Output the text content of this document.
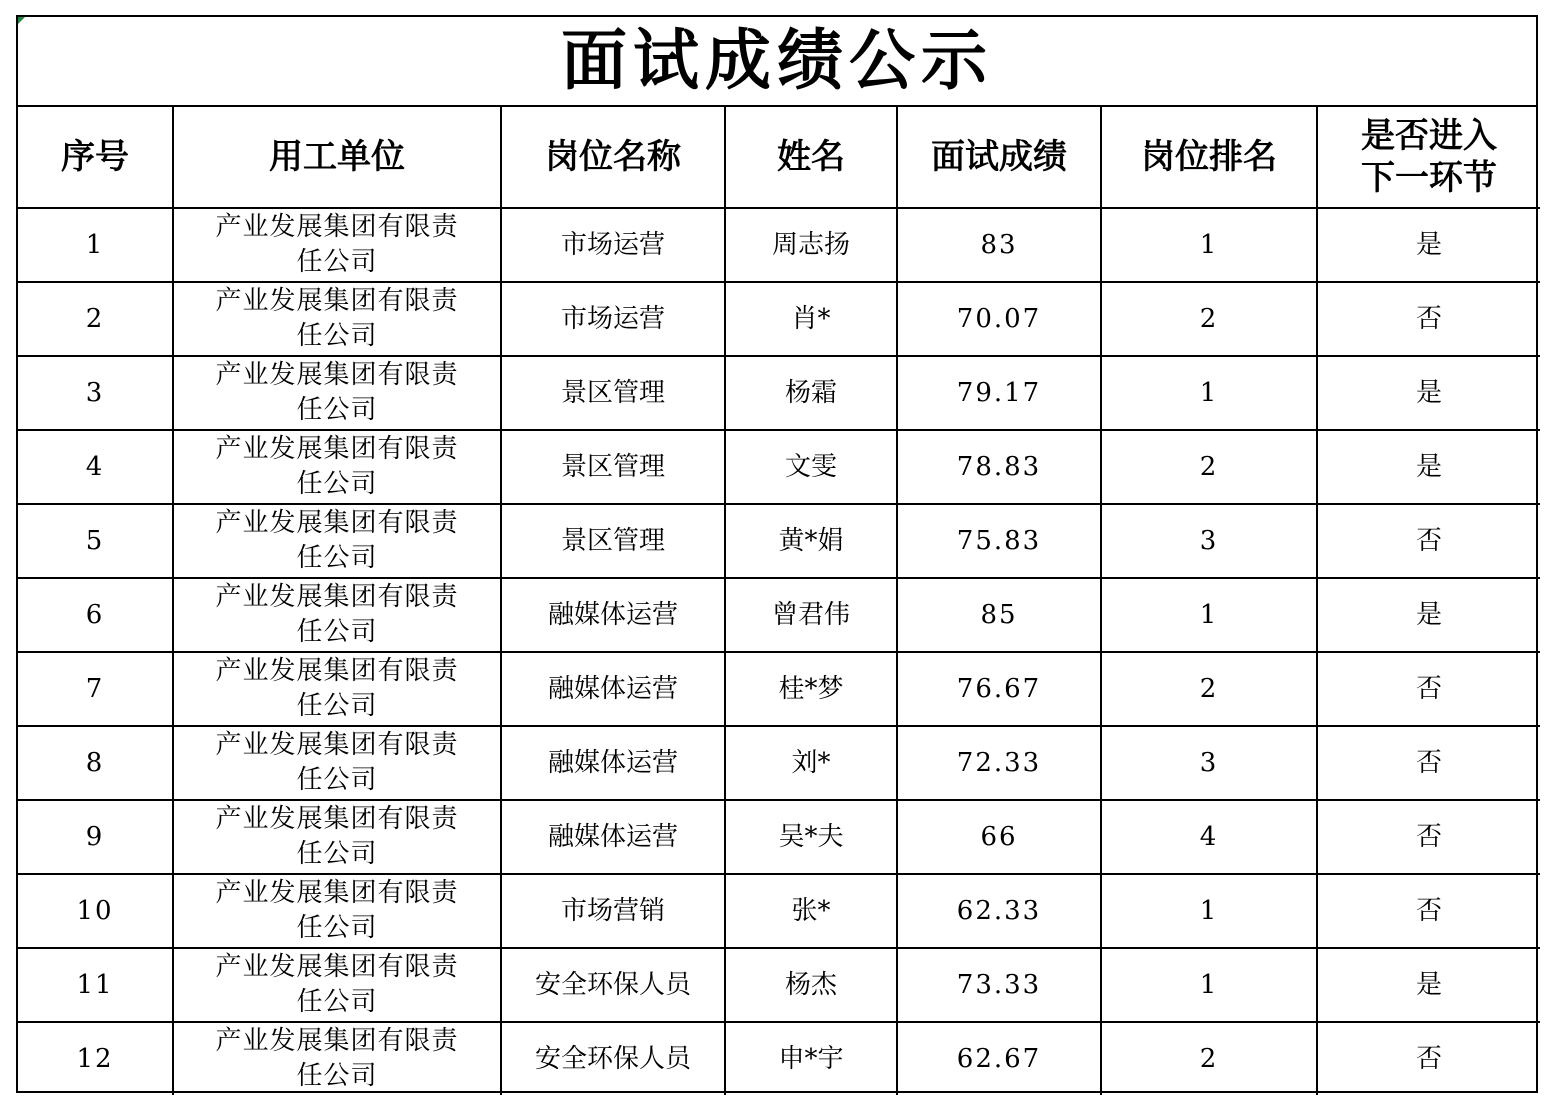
面试成绩公示
序号	用工单位	岗位名称	姓名	面试成绩	岗位排名	是否进入下一环节

1	产业发展集团有限责任公司	市场运营	周志扬	83	1	是
2	产业发展集团有限责任公司	市场运营	肖*	70.07	2	否
3	产业发展集团有限责任公司	景区管理	杨霜	79.17	1	是
4	产业发展集团有限责任公司	景区管理	文雯	78.83	2	是
5	产业发展集团有限责任公司	景区管理	黄*娟	75.83	3	否
6	产业发展集团有限责任公司	融媒体运营	曾君伟	85	1	是
7	产业发展集团有限责任公司	融媒体运营	桂*梦	76.67	2	否
8	产业发展集团有限责任公司	融媒体运营	刘*	72.33	3	否
9	产业发展集团有限责任公司	融媒体运营	吴*夫	66	4	否
10	产业发展集团有限责任公司	市场营销	张*	62.33	1	否
11	产业发展集团有限责任公司	安全环保人员	杨杰	73.33	1	是
12	产业发展集团有限责任公司	安全环保人员	申*宇	62.67	2	否
